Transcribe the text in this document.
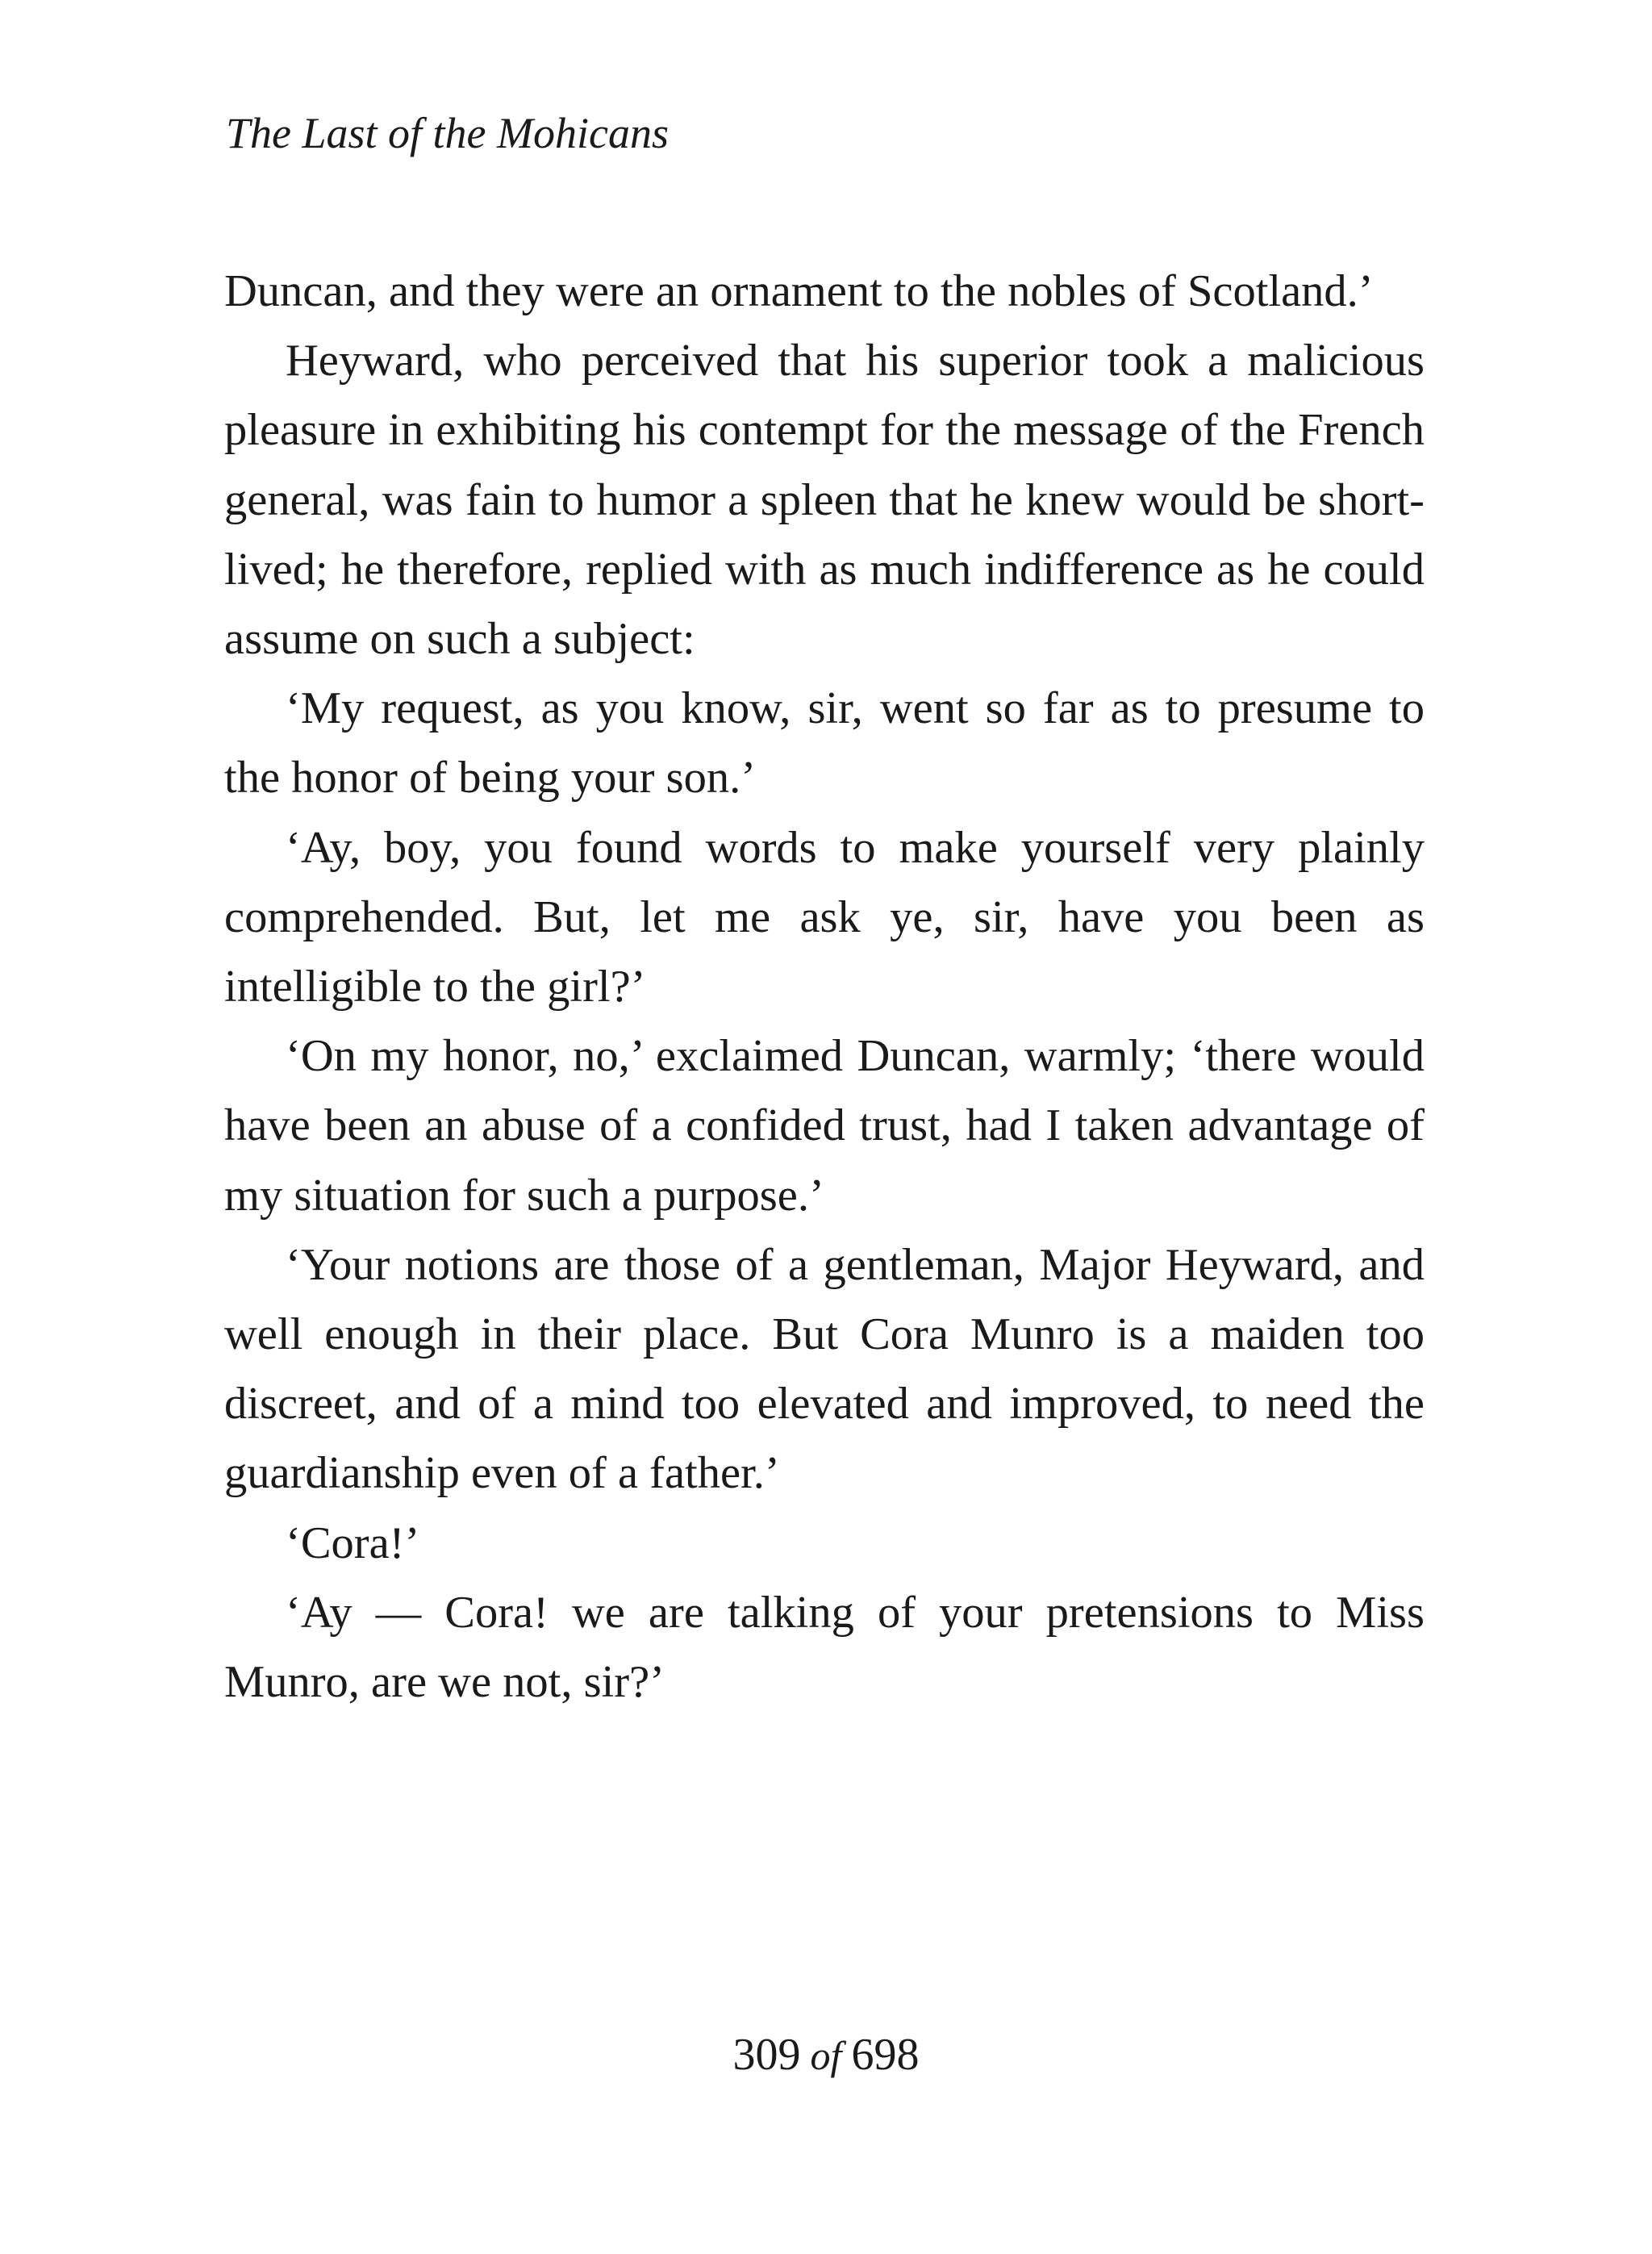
The Last of the Mohicans

Duncan, and they were an ornament to the nobles of Scotland.’

Heyward, who perceived that his superior took a malicious pleasure in exhibiting his contempt for the message of the French general, was fain to humor a spleen that he knew would be short-lived; he therefore, replied with as much indifference as he could assume on such a subject:

‘My request, as you know, sir, went so far as to presume to the honor of being your son.’

‘Ay, boy, you found words to make yourself very plainly comprehended. But, let me ask ye, sir, have you been as intelligible to the girl?’

‘On my honor, no,’ exclaimed Duncan, warmly; ‘there would have been an abuse of a confided trust, had I taken advantage of my situation for such a purpose.’

‘Your notions are those of a gentleman, Major Heyward, and well enough in their place. But Cora Munro is a maiden too discreet, and of a mind too elevated and improved, to need the guardianship even of a father.’

‘Cora!’

‘Ay — Cora! we are talking of your pretensions to Miss Munro, are we not, sir?’

309 of 698
